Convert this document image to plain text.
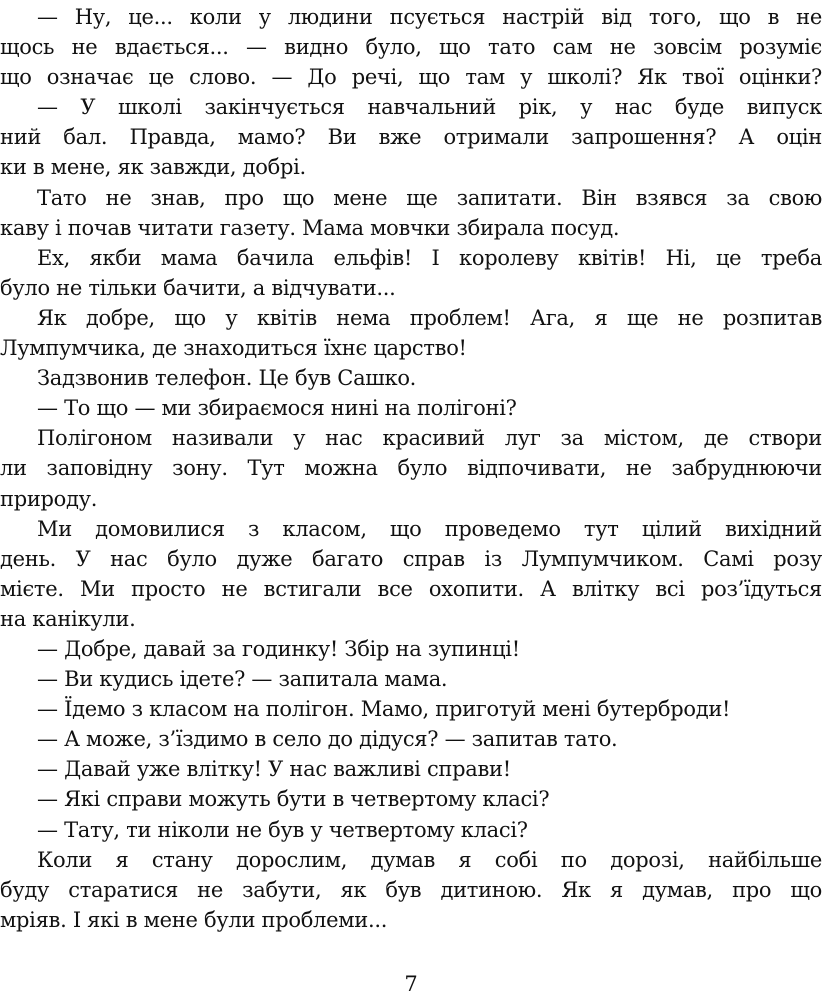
— Ну, це... коли у людини псується настрій від того, що в не
щось не вдається... — видно було, що тато сам не зовсім розуміє
що означає це слово. — До речі, що там у школі? Як твої оцінки?
— У школі закінчується навчальний рік, у нас буде випуск
ний бал. Правда, мамо? Ви вже отримали запрошення? А оцін
ки в мене, як завжди, добрі.
Тато не знав, про що мене ще запитати. Він взявся за свою
каву і почав читати газету. Мама мовчки збирала посуд.
Ех, якби мама бачила ельфів! І королеву квітів! Ні, це треба
було не тільки бачити, а відчувати...
Як добре, що у квітів нема проблем! Ага, я ще не розпитав
Лумпумчика, де знаходиться їхнє царство!
Задзвонив телефон. Це був Сашко.
— То що — ми збираємося нині на полігоні?
Полігоном називали у нас красивий луг за містом, де створи
ли заповідну зону. Тут можна було відпочивати, не забруднюючи
природу.
Ми домовилися з класом, що проведемо тут цілий вихідний
день. У нас було дуже багато справ із Лумпумчиком. Самі розу
мієте. Ми просто не встигали все охопити. А влітку всі роз’їдуться
на канікули.
— Добре, давай за годинку! Збір на зупинці!
— Ви кудись ідете? — запитала мама.
— Їдемо з класом на полігон. Мамо, приготуй мені бутерброди!
— А може, з’їздимо в село до дідуся? — запитав тато.
— Давай уже влітку! У нас важливі справи!
— Які справи можуть бути в четвертому класі?
— Тату, ти ніколи не був у четвертому класі?
Коли я стану дорослим, думав я собі по дорозі, найбільше
буду старатися не забути, як був дитиною. Як я думав, про що
мріяв. І які в мене були проблеми...
7
